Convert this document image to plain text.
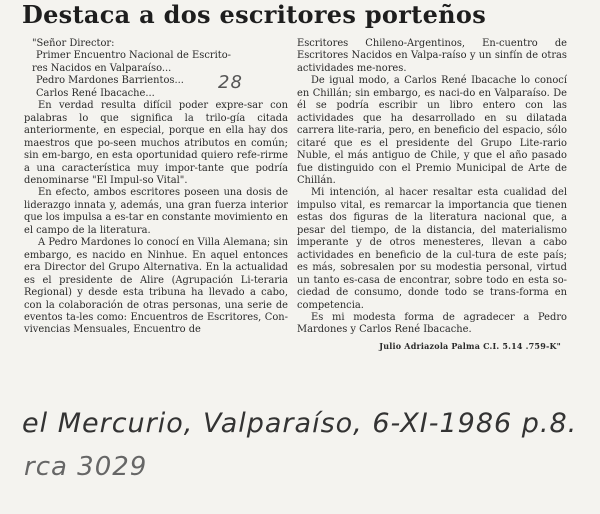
Destaca a dos escritores porteños
"Señor Director:
Primer Encuentro Nacional de Escrito-
res Nacidos en Valparaíso...
Pedro Mardones Barrientos...
Carlos René Ibacache...

En verdad resulta difícil poder expre-sar con palabras lo que significa la trilo-gía citada anteriormente, en especial, porque en ella hay dos maestros que po-seen muchos atributos en común; sin em-bargo, en esta oportunidad quiero refe-rirme a una característica muy impor-tante que podría denominarse "El Impul-so Vital".

En efecto, ambos escritores poseen una dosis de liderazgo innata y, además, una gran fuerza interior que los impulsa a es-tar en constante movimiento en el campo de la literatura.

A Pedro Mardones lo conocí en Villa Alemana; sin embargo, es nacido en Ninhue. En aquel entonces era Director del Grupo Alternativa. En la actualidad es el presidente de Alire (Agrupación Li-teraria Regional) y desde esta tribuna ha llevado a cabo, con la colaboración de otras personas, una serie de eventos ta-les como: Encuentros de Escritores, Con-vivencias Mensuales, Encuentro de

Escritores Chileno-Argentinos, En-cuentro de Escritores Nacidos en Valpa-raíso y un sinfín de otras actividades me-nores.

De igual modo, a Carlos René Ibacache lo conocí en Chillán; sin embargo, es naci-do en Valparaíso. De él se podría escribir un libro entero con las actividades que ha desarrollado en su dilatada carrera lite-raria, pero, en beneficio del espacio, sólo citaré que es el presidente del Grupo Lite-rario Nuble, el más antiguo de Chile, y que el año pasado fue distinguido con el Premio Municipal de Arte de Chillán.

Mi intención, al hacer resaltar esta cualidad del impulso vital, es remarcar la importancia que tienen estas dos figuras de la literatura nacional que, a pesar del tiempo, de la distancia, del materialismo imperante y de otros menesteres, llevan a cabo actividades en beneficio de la cul-tura de este país; es más, sobresalen por su modestia personal, virtud un tanto es-casa de encontrar, sobre todo en esta so-ciedad de consumo, donde todo se trans-forma en competencia.

Es mi modesta forma de agradecer a Pedro Mardones y Carlos René Ibacache.

Julio Adriazola Palma C.I. 5.14 .759-K"
28
el Mercurio, Valparaíso, 6-XI-1986 p.8.
rca 3029
